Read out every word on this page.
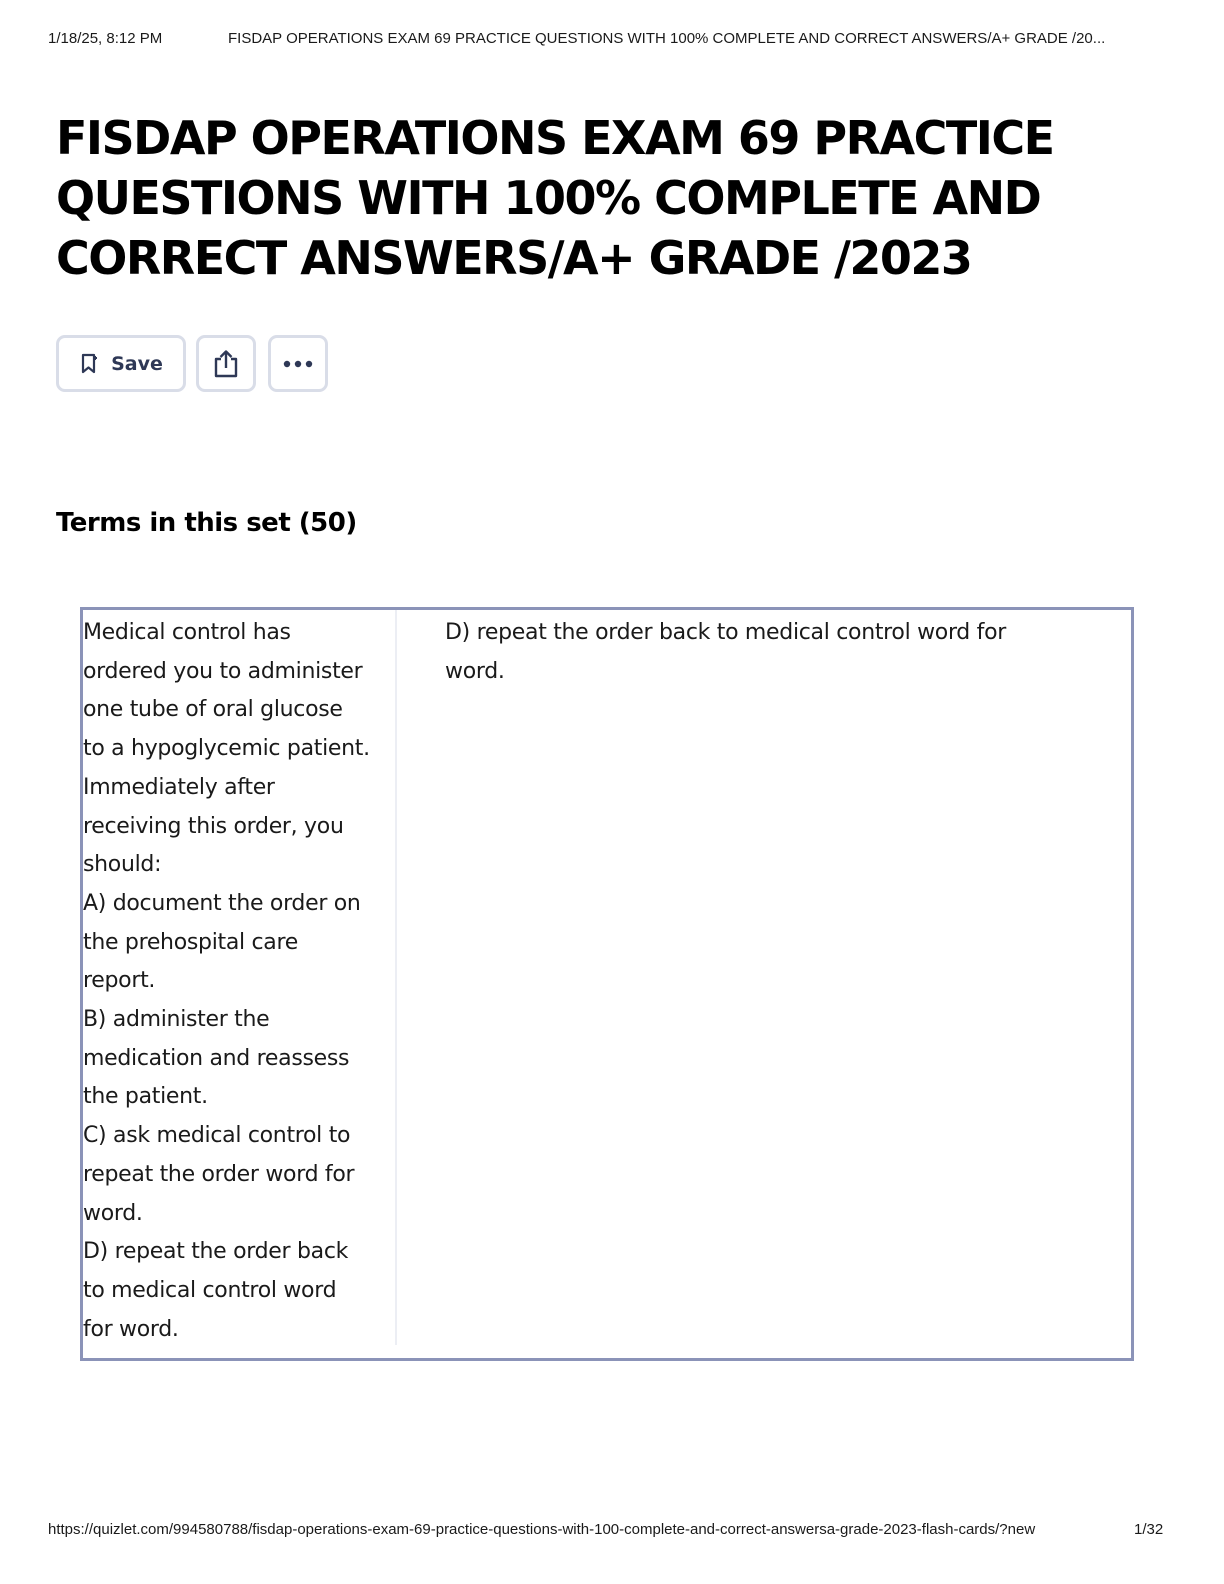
1/18/25, 8:12 PM	FISDAP OPERATIONS EXAM 69 PRACTICE QUESTIONS WITH 100% COMPLETE AND CORRECT ANSWERS/A+ GRADE /20...
FISDAP OPERATIONS EXAM 69 PRACTICE QUESTIONS WITH 100% COMPLETE AND CORRECT ANSWERS/A+ GRADE /2023
Save
Terms in this set (50)

Medical control has
ordered you to administer
one tube of oral glucose
to a hypoglycemic patient.
Immediately after
receiving this order, you
should:
A) document the order on
the prehospital care
report.
B) administer the
medication and reassess
the patient.
C) ask medical control to
repeat the order word for
word.
D) repeat the order back
to medical control word
for word.

D) repeat the order back to medical control word for word.

https://quizlet.com/994580788/fisdap-operations-exam-69-practice-questions-with-100-complete-and-correct-answersa-grade-2023-flash-cards/?new	1/32
